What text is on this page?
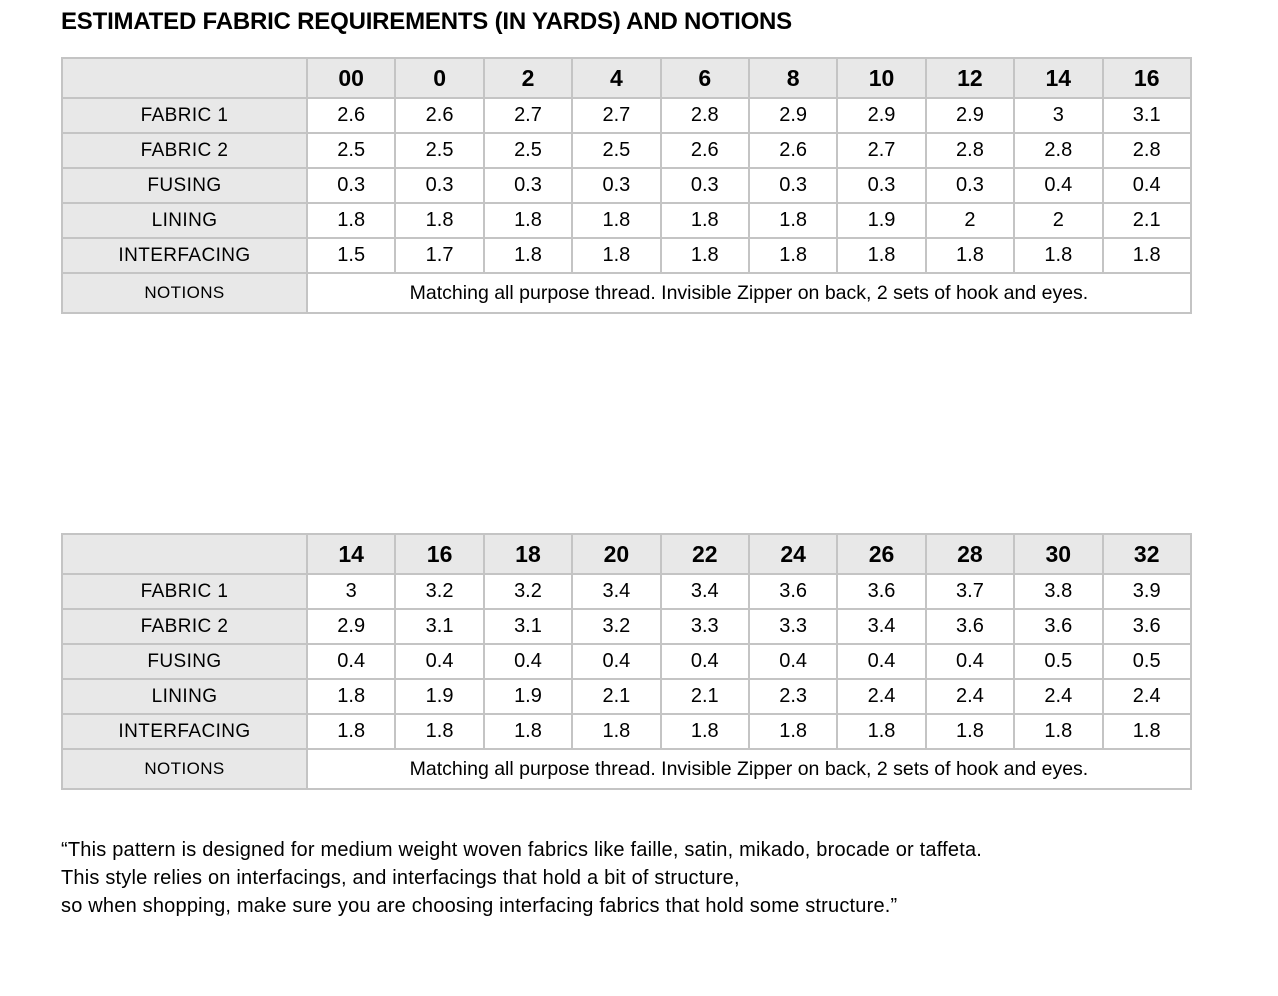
ESTIMATED FABRIC REQUIREMENTS (IN YARDS) AND NOTIONS
	00	0	2	4	6	8	10	12	14	16
FABRIC 1	2.6	2.6	2.7	2.7	2.8	2.9	2.9	2.9	3	3.1
FABRIC 2	2.5	2.5	2.5	2.5	2.6	2.6	2.7	2.8	2.8	2.8
FUSING	0.3	0.3	0.3	0.3	0.3	0.3	0.3	0.3	0.4	0.4
LINING	1.8	1.8	1.8	1.8	1.8	1.8	1.9	2	2	2.1
INTERFACING	1.5	1.7	1.8	1.8	1.8	1.8	1.8	1.8	1.8	1.8
NOTIONS	Matching all purpose thread. Invisible Zipper on back, 2 sets of hook and eyes.									
	14	16	18	20	22	24	26	28	30	32
FABRIC 1	3	3.2	3.2	3.4	3.4	3.6	3.6	3.7	3.8	3.9
FABRIC 2	2.9	3.1	3.1	3.2	3.3	3.3	3.4	3.6	3.6	3.6
FUSING	0.4	0.4	0.4	0.4	0.4	0.4	0.4	0.4	0.5	0.5
LINING	1.8	1.9	1.9	2.1	2.1	2.3	2.4	2.4	2.4	2.4
INTERFACING	1.8	1.8	1.8	1.8	1.8	1.8	1.8	1.8	1.8	1.8
NOTIONS	Matching all purpose thread. Invisible Zipper on back, 2 sets of hook and eyes.									
“This pattern is designed for medium weight woven fabrics like faille, satin, mikado, brocade or taffeta.
This style relies on interfacings, and interfacings that hold a bit of structure,
so when shopping, make sure you are choosing interfacing fabrics that hold some structure.”
